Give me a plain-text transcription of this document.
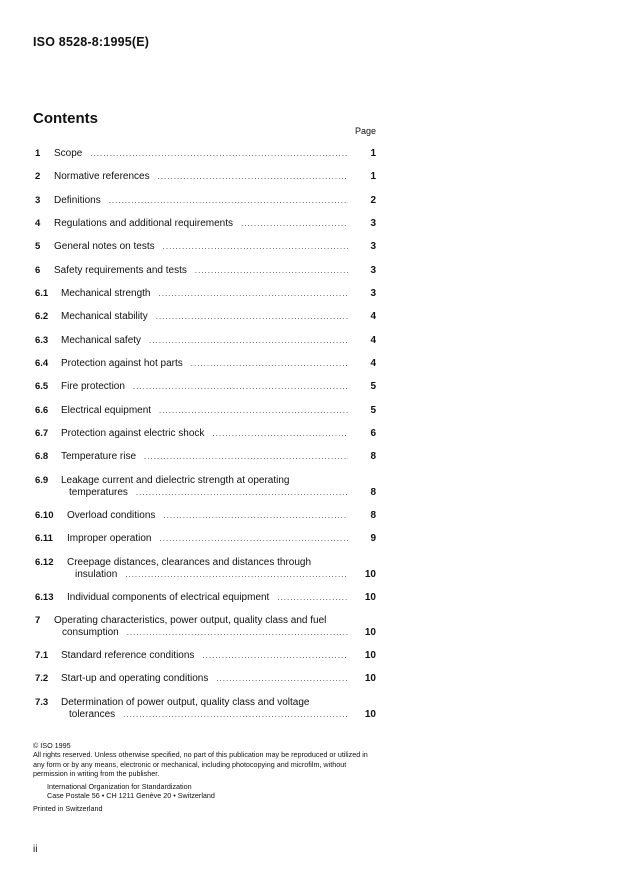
ISO 8528-8:1995(E)
Contents
Page
1 Scope .....	1
2 Normative references .....	1
3 Definitions .....	2
4 Regulations and additional requirements .....	3
5 General notes on tests .....	3
6 Safety requirements and tests .....	3
6.1 Mechanical strength .....	3
6.2 Mechanical stability .....	4
6.3 Mechanical safety .....	4
6.4 Protection against hot parts .....	4
6.5 Fire protection .....	5
6.6 Electrical equipment .....	5
6.7 Protection against electric shock .....	6
6.8 Temperature rise .....	8
6.9 Leakage current and dielectric strength at operating
temperatures .....	8
6.10 Overload conditions .....	8
6.11 Improper operation .....	9
6.12 Creepage distances, clearances and distances through
insulation .....	10
6.13 Individual components of electrical equipment .....	10
7 Operating characteristics, power output, quality class and fuel
consumption .....	10
7.1 Standard reference conditions .....	10
7.2 Start-up and operating conditions .....	10
7.3 Determination of power output, quality class and voltage
tolerances .....	10
© ISO 1995
All rights reserved. Unless otherwise specified, no part of this publication may be reproduced or utilized in any form or by any means, electronic or mechanical, including photocopying and microfilm, without permission in writing from the publisher.
International Organization for Standardization
Case Postale 56 • CH 1211 Genève 20 • Switzerland
Printed in Switzerland
ii
